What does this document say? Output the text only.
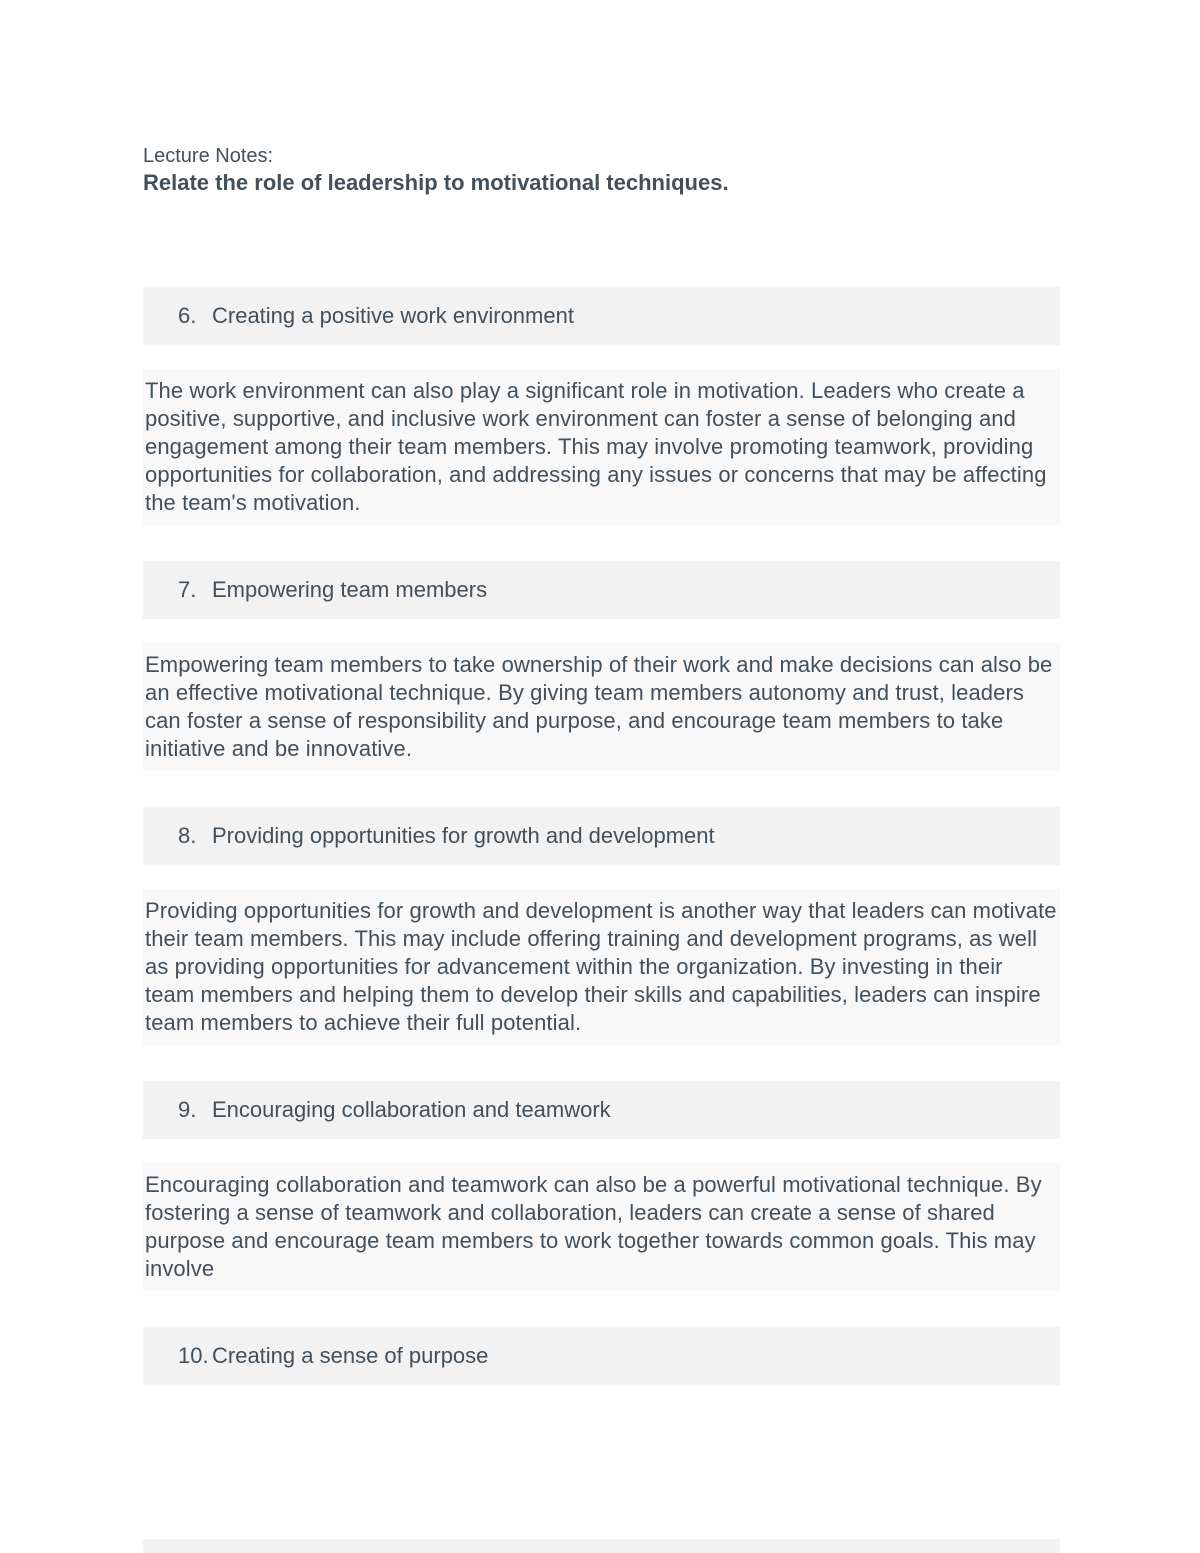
Lecture Notes:
Relate the role of leadership to motivational techniques.
6. Creating a positive work environment

The work environment can also play a significant role in motivation. Leaders who create a positive, supportive, and inclusive work environment can foster a sense of belonging and engagement among their team members. This may involve promoting teamwork, providing opportunities for collaboration, and addressing any issues or concerns that may be affecting the team's motivation.

7. Empowering team members

Empowering team members to take ownership of their work and make decisions can also be an effective motivational technique. By giving team members autonomy and trust, leaders can foster a sense of responsibility and purpose, and encourage team members to take initiative and be innovative.

8. Providing opportunities for growth and development

Providing opportunities for growth and development is another way that leaders can motivate their team members. This may include offering training and development programs, as well as providing opportunities for advancement within the organization. By investing in their team members and helping them to develop their skills and capabilities, leaders can inspire team members to achieve their full potential.

9. Encouraging collaboration and teamwork

Encouraging collaboration and teamwork can also be a powerful motivational technique. By fostering a sense of teamwork and collaboration, leaders can create a sense of shared purpose and encourage team members to work together towards common goals. This may involve

10. Creating a sense of purpose
